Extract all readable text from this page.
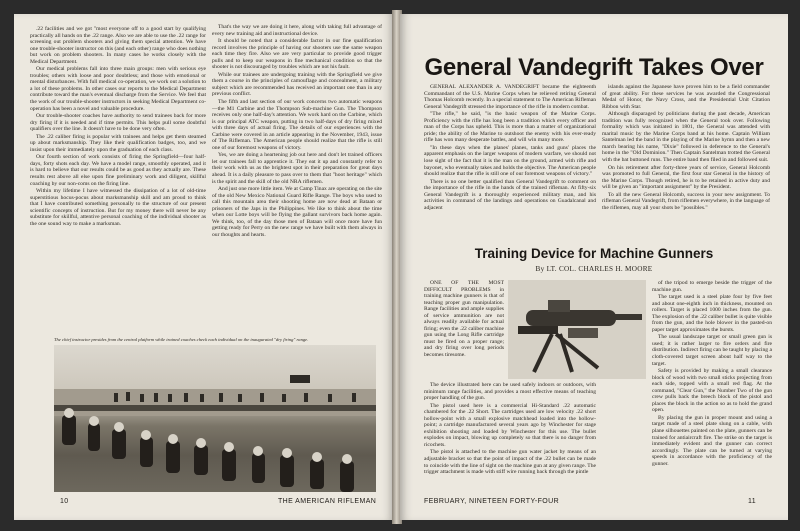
.22 facilities and we got "most everyone off to a good start by qualifying practically all hands on the .22 range. Also we are able to use the .22 range for screening out problem shooters and giving them special attention. We have one trouble-shooter instructor on this (and each other) range who does nothing but work on problem shooters. In many cases he works closely with the Medical Department.

Our medical problems fall into three main groups: men with serious eye troubles; others with loose and poor doubtless; and those with emotional or mental disturbances. With full medical co-operation, we work out a solution to a lot of these problems. In other cases our reports to the Medical Department contribute toward the man's eventual discharge from the Service. We feel that the work of our trouble-shooter instructors in seeking Medical Department co-operation has been a novel and valuable procedure.

Our trouble-shooter coaches have authority to send trainees back for more dry firing if it is needed and if time permits. This helps pull some doubtful qualifiers over the line. It doesn't have to be done very often.

The .22 caliber firing is popular with trainees and helps get them steamed up about marksmanship. They like their qualification badges, too, and we insist upon their immediately upon the graduation of each class.

Our fourth section of work consists of firing the Springfield—four half-days, forty shots each day. We have a model range, smoothly operated, and it is hard to believe that our results could be as good as they actually are. These results rest above all else upon fine preliminary work and diligent, skillful coaching by our non-coms on the firing line.

Within my lifetime I have witnessed the dissipation of a lot of old-time superstitious hocus-pocus about marksmanship skill and am proud to think that I have contributed something personally to the structure of our present scientific concepts of instruction. But for my money there will never be any substitute for skillful, attentive personal coaching of the individual shooter as the one sound way to make a marksman.

That's the way we are doing it here, along with taking full advantage of every new training aid and instructional device.

It should be noted that a considerable factor in our fine qualification record involves the principle of having our shooters use the same weapon each time they fire. Also we are very particular to provide good trigger pulls and to keep our weapons in fine mechanical condition so that the shooter is not discouraged by troubles which are not his fault.

While our trainees are undergoing training with the Springfield we give them a course in the principles of camouflage and concealment, a military subject which are recommended has received an important one than in any previous conflict.

The fifth and last section of our work concerns two automatic weapons—the M1 Carbine and the Thompson Sub-machine Gun. The Thompson receives only one half-day's attention. We work hard on the Carbine, which is our principal ATC weapon, putting in two half-days of dry firing mixed with three days of actual firing. The details of our experiences with the Carbine were covered in an article appearing in the November, 1943, issue of The Rifleman. The American people should realize that the rifle is still one of our foremost weapons of victory.

Yes, we are doing a heartening job out here and don't let trained officers let our trainees fall to apprentice it. They eat it up and constantly refer to their work with us as the brightest spot in their preparation for great days ahead. It is a daily pleasure to pass over to them that "hoot heritage" which is the spirit and the skill of the old NRA riflemen.

And just one more little item. We at Camp Tinax are operating on the site of the old New Mexico National Guard Rifle Range. The boys who used to call this mountain area their shooting home are now dead at Bataan or prisoners of the Japs in the Philippines. We like to think about the time when our Lotte boys will be flying the gallant survivors back home again. We think, too, of the day those men of Bataan will once more have fun getting ready for Perry on the new range we have built with them always in our thoughts and hearts.

The chief instructor presides from the central platform while trained coaches check each individual on the inaugurated "dry firing" range.
10	THE AMERICAN RIFLEMAN
General Vandegrift Takes Over

GENERAL ALEXANDER A. VANDEGRIFT became the eighteenth Commandant of the U.S. Marine Corps when he relieved retiring General Thomas Holcomb recently. In a special statement to The American Rifleman General Vandegrift stressed the importance of the rifle in modern combat.

"The rifle," he said, "is the basic weapon of the Marine Corps. Proficiency with the rifle has long been a tradition which every officer and man of the Corps has upheld. This is more than a matter of organizational pride; the ability of the Marine to outshoot the enemy with his ever-ready rifle has won many desperate battles, and will win many more.

"In these days when the planes' planes, tanks and guns' places the apparent emphasis on the larger weapons of modern warfare, we should not lose sight of the fact that it is the man on the ground, armed with rifle and bayonet, who eventually takes and holds the objective. The American people should realize that the rifle is still one of our foremost weapons of victory."

There is no one better qualified than General Vandegrift to comment on the importance of the rifle in the hands of the trained rifleman. At fifty-six General Vandegrift is a thoroughly experienced military man, and his activities in command of the landings and operations on Guadalcanal and adjacent

islands against the Japanese have proven him to be a field commander of great ability. For these services he was awarded the Congressional Medal of Honor, the Navy Cross, and the Presidential Unit Citation Ribbon with Star.

Although disparaged by politicians during the past decade, American tradition was fully recognized when the General took over. Following formality which was initiated in 1801, the General was attended with marital music by the Marine Corps band at his home. Captain William Santelman led the band in the playing of the Marine hymn and then a new march bearing his name, "Dixie" followed in deference to the General's home in the "Old Dominion." Then Captain Santelman trotted the General with the bat buttoned runs. The entire band then filed in and followed suit.

On his retirement after forty-three years of service, General Holcomb was promoted to full General, the first four star General in the history of the Marine Corps. Though retired, he is to be retained in active duty and will be given an "important assignment" by the President.

To all the new General Holcomb, success in your new assignment. To rifleman General Vandegrift, from riflemen everywhere, in the language of the riflemen, may all your shots be "possibles."

Training Device for Machine Gunners
By LT. COL. CHARLES H. MOORE

ONE OF THE MOST DIFFICULT PROBLEMS in training machine gunners is that of teaching proper gun manipulation. Range facilities and ample supplies of service ammunition are not always readily available for actual firing; even the .22 caliber machine gun using the Long Rifle cartridge must be fired on a proper range; and dry firing over long periods becomes tiresome.

The device illustrated here can be used safely indoors or outdoors, with minimum range facilities, and provides a most effective means of teaching proper handling of the gun.

The pistol used here is a commercial Hi-Standard .22 automatic chambered for the .22 Short. The cartridges used are low velocity .22 short hollow-point with a small explosive matchhead loaded into the hollow-point; a cartridge manufactured several years ago by Winchester for stage exhibition shooting and loaded by Winchester for this use. The bullet explodes on impact, blowing up completely so that there is no danger from ricochets.

The pistol is attached to the machine gun water jacket by means of an adjustable bracket so that the point of impact of the .22 bullet can be made to coincide with the line of sight on the machine gun at any given range. The trigger attachment is made with stiff wire running back through the pintle

of the tripod to emerge beside the trigger of the machine gun.

The target used is a steel plate four by five feet and about one-eighth inch in thickness, mounted on rollers. Target is placed 1000 inches from the gun. The explosion of the .22 caliber bullet is quite visible from the gun, and the hole blower in the pasted-on paper target approximates the bursts.

The usual landscape target or small green gun is used; it is rather larger to fire orders and fire distribution. Indirect firing can be taught by placing a cloth-covered target screen about half way to the target.

Safety is provided by making a small clearance block of wood with two small sticks projecting from each side, topped with a small red flag. At the command, "Clear Gun," the Number Two of the gun crew pulls back the breech block of the pistol and places the block in the action so as to hold the grand open.

By placing the gun in proper mount and using a target made of a steel plate slung on a cable, with plane silhouettes painted on the plate, gunners can be trained for antiaircraft fire. The strike on the target is immediately evident and the gunner can correct accordingly. The plate can be turned at varying speeds in accordance with the proficiency of the gunner.

FEBRUARY, NINETEEN FORTY-FOUR	11
